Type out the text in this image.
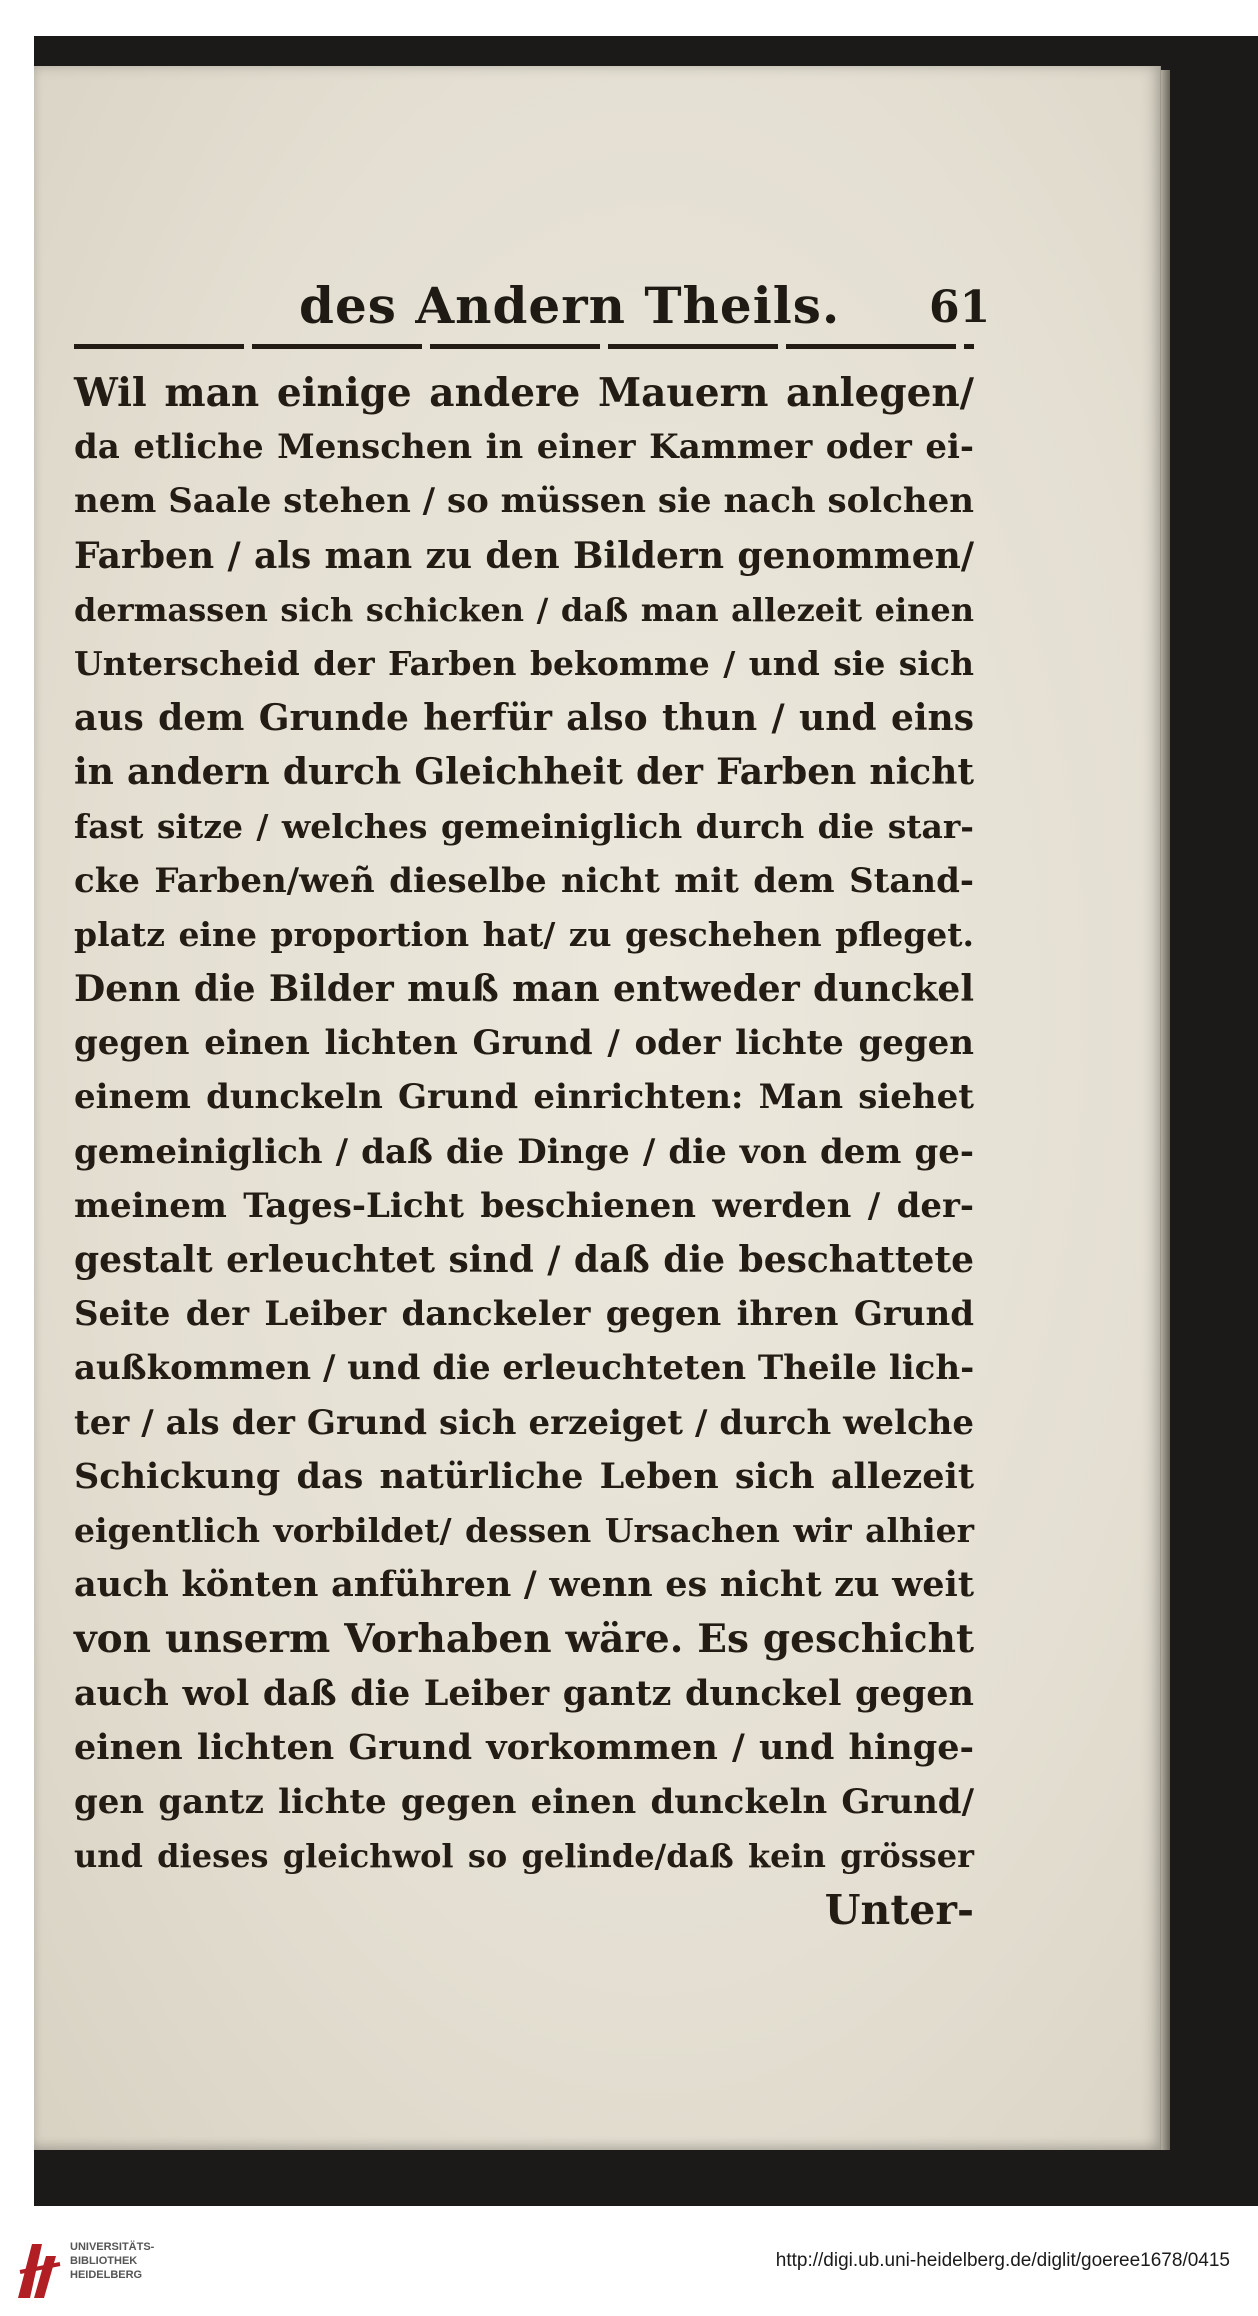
des Andern Theils. 61
Wil man einige andere Mauern anlegen/
da etliche Menschen in einer Kammer oder ei-
nem Saale stehen / so müssen sie nach solchen
Farben / als man zu den Bildern genommen/
dermassen sich schicken / daß man allezeit einen
Unterscheid der Farben bekomme / und sie sich
aus dem Grunde herfür also thun / und eins
in andern durch Gleichheit der Farben nicht
fast sitze / welches gemeiniglich durch die star-
cke Farben/weñ dieselbe nicht mit dem Stand-
platz eine proportion hat/ zu geschehen pfleget.
Denn die Bilder muß man entweder dunckel
gegen einen lichten Grund / oder lichte gegen
einem dunckeln Grund einrichten: Man siehet
gemeiniglich / daß die Dinge / die von dem ge-
meinem Tages-Licht beschienen werden / der-
gestalt erleuchtet sind / daß die beschattete
Seite der Leiber danckeler gegen ihren Grund
außkommen / und die erleuchteten Theile lich-
ter / als der Grund sich erzeiget / durch welche
Schickung das natürliche Leben sich allezeit
eigentlich vorbildet/ dessen Ursachen wir alhier
auch könten anführen / wenn es nicht zu weit
von unserm Vorhaben wäre. Es geschicht
auch wol daß die Leiber gantz dunckel gegen
einen lichten Grund vorkommen / und hinge-
gen gantz lichte gegen einen dunckeln Grund/
und dieses gleichwol so gelinde/daß kein grösser
Unter-
UNIVERSITÄTS-
BIBLIOTHEK
HEIDELBERG
http://digi.ub.uni-heidelberg.de/diglit/goeree1678/0415
